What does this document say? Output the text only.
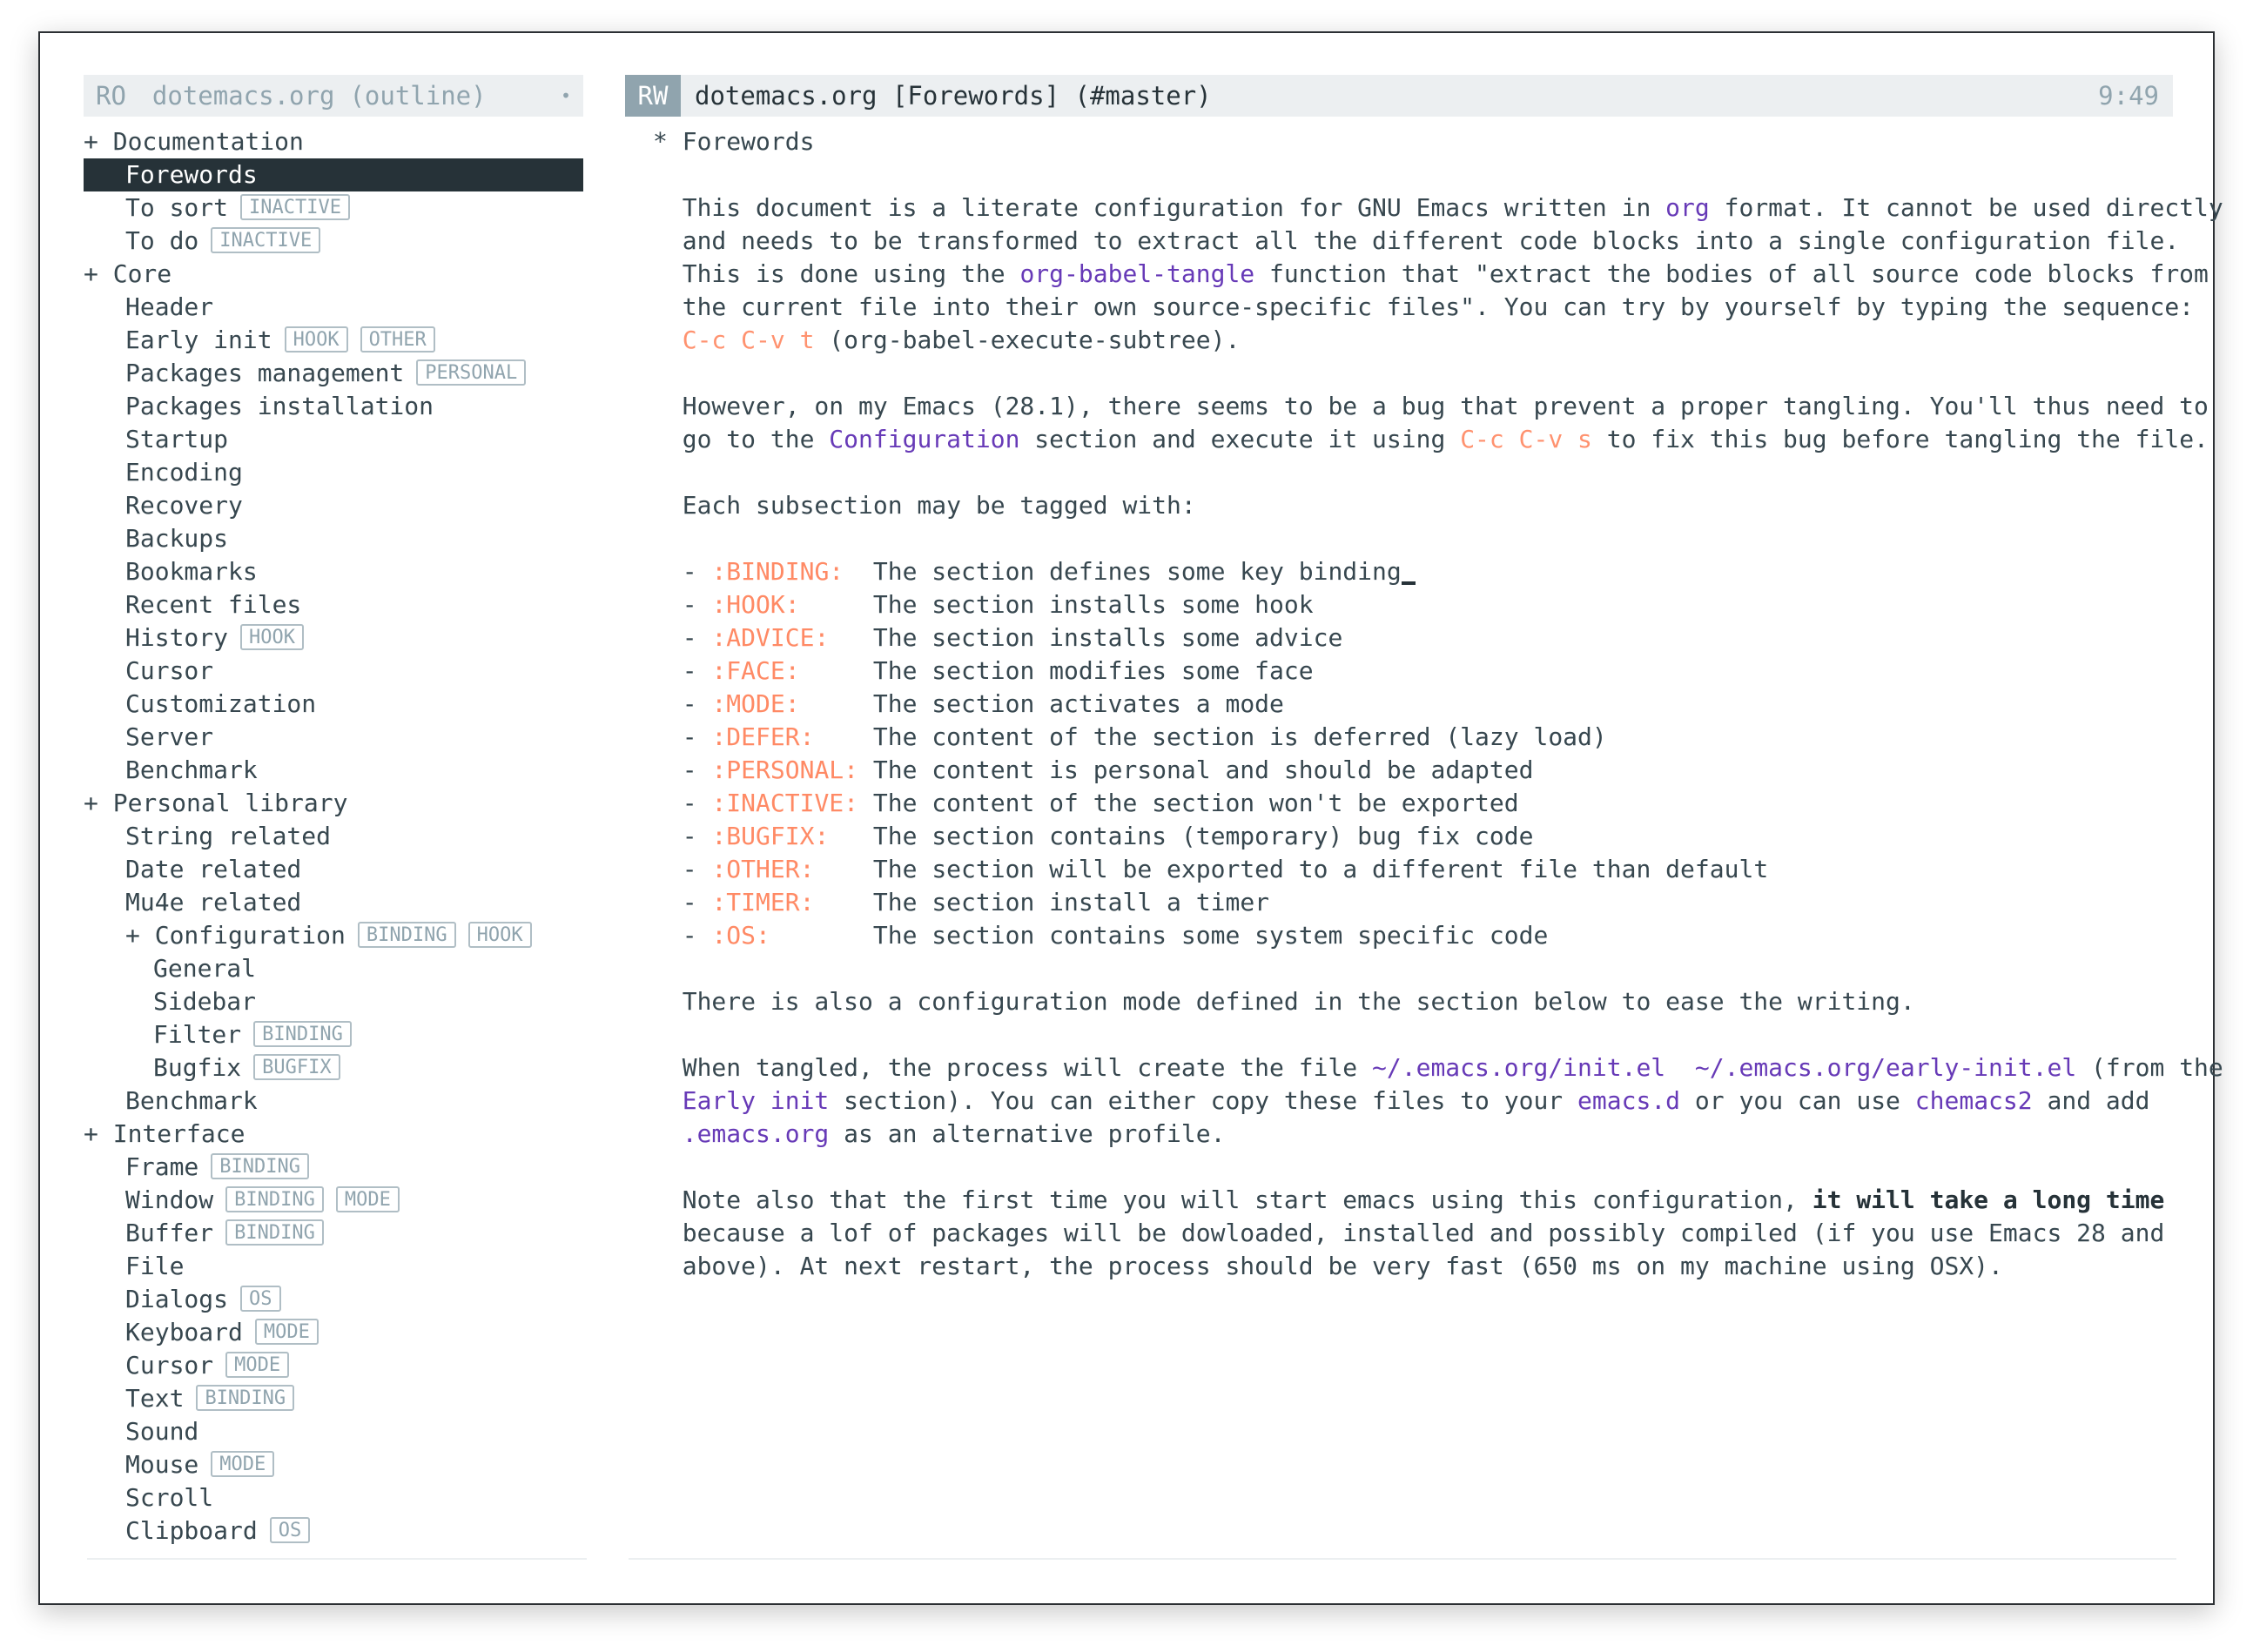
RO dotemacs.org (outline)	•
+ Documentation
Forewords
To sort INACTIVE
To do INACTIVE
+ Core
Header
Early init HOOK OTHER
Packages management PERSONAL
Packages installation
Startup
Encoding
Recovery
Backups
Bookmarks
Recent files
History HOOK
Cursor
Customization
Server
Benchmark
+ Personal library
String related
Date related
Mu4e related
+ Configuration BINDING HOOK
General
Sidebar
Filter BINDING
Bugfix BUGFIX
Benchmark
+ Interface
Frame BINDING
Window BINDING MODE
Buffer BINDING
File
Dialogs OS
Keyboard MODE
Cursor MODE
Text BINDING
Sound
Mouse MODE
Scroll
Clipboard OS
RW	dotemacs.org [Forewords] (#master)	9:49
* Forewords
This document is a literate configuration for GNU Emacs written in org format. It cannot be used directly
and needs to be transformed to extract all the different code blocks into a single configuration file.
This is done using the org-babel-tangle function that "extract the bodies of all source code blocks from
the current file into their own source-specific files". You can try by yourself by typing the sequence:
C-c C-v t (org-babel-execute-subtree).
However, on my Emacs (28.1), there seems to be a bug that prevent a proper tangling. You'll thus need to
go to the Configuration section and execute it using C-c C-v s to fix this bug before tangling the file.
Each subsection may be tagged with:
- :BINDING:  The section defines some key binding
- :HOOK:     The section installs some hook
- :ADVICE:   The section installs some advice
- :FACE:     The section modifies some face
- :MODE:     The section activates a mode
- :DEFER:    The content of the section is deferred (lazy load)
- :PERSONAL: The content is personal and should be adapted
- :INACTIVE: The content of the section won't be exported
- :BUGFIX:   The section contains (temporary) bug fix code
- :OTHER:    The section will be exported to a different file than default
- :TIMER:    The section install a timer
- :OS:       The section contains some system specific code
There is also a configuration mode defined in the section below to ease the writing.
When tangled, the process will create the file ~/.emacs.org/init.el ~/.emacs.org/early-init.el (from the
Early init section). You can either copy these files to your emacs.d or you can use chemacs2 and add
.emacs.org as an alternative profile.
Note also that the first time you will start emacs using this configuration, it will take a long time
because a lof of packages will be dowloaded, installed and possibly compiled (if you use Emacs 28 and
above). At next restart, the process should be very fast (650 ms on my machine using OSX).
